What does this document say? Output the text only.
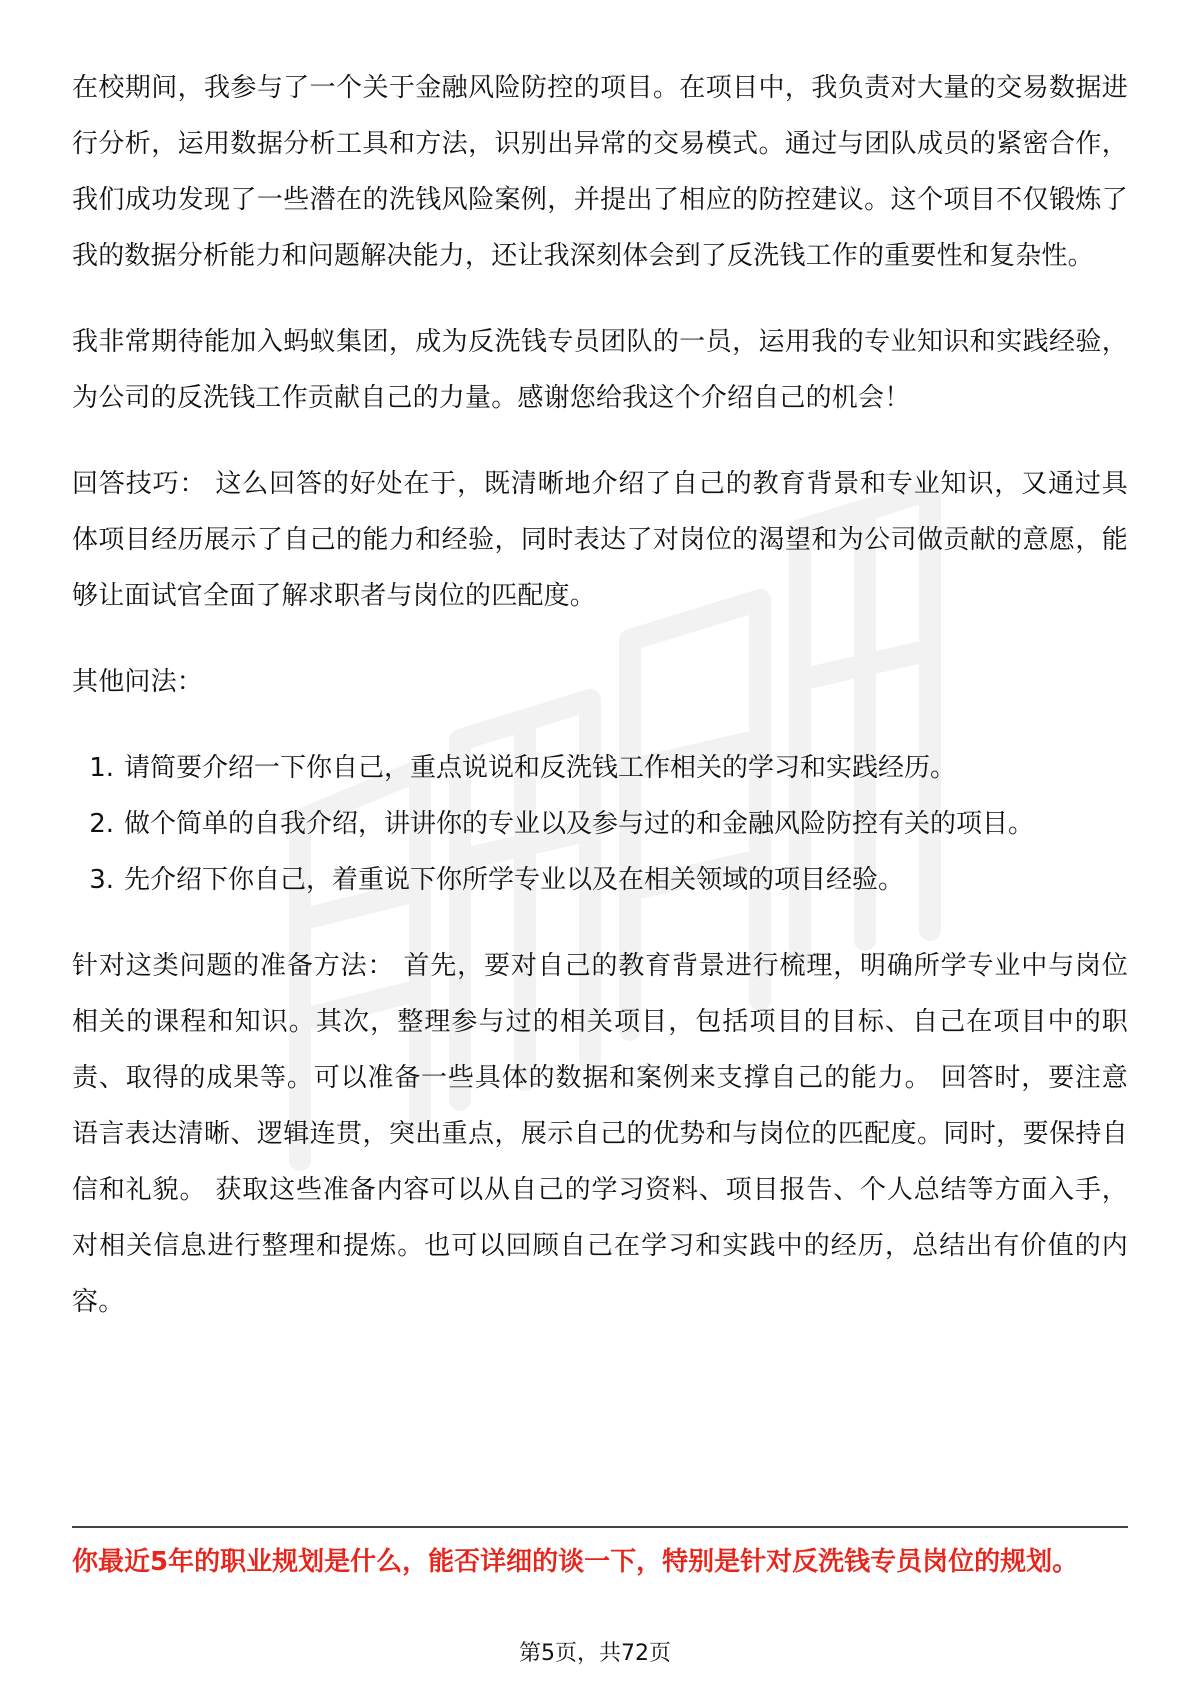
在校期间，我参与了一个关于金融风险防控的项目。在项目中，我负责对大量的交易数据进行分析，运用数据分析工具和方法，识别出异常的交易模式。通过与团队成员的紧密合作，我们成功发现了一些潜在的洗钱风险案例，并提出了相应的防控建议。这个项目不仅锻炼了我的数据分析能力和问题解决能力，还让我深刻体会到了反洗钱工作的重要性和复杂性。

我非常期待能加入蚂蚁集团，成为反洗钱专员团队的一员，运用我的专业知识和实践经验，为公司的反洗钱工作贡献自己的力量。感谢您给我这个介绍自己的机会！

回答技巧： 这么回答的好处在于，既清晰地介绍了自己的教育背景和专业知识，又通过具体项目经历展示了自己的能力和经验，同时表达了对岗位的渴望和为公司做贡献的意愿，能够让面试官全面了解求职者与岗位的匹配度。

其他问法：

1. 请简要介绍一下你自己，重点说说和反洗钱工作相关的学习和实践经历。
2. 做个简单的自我介绍，讲讲你的专业以及参与过的和金融风险防控有关的项目。
3. 先介绍下你自己，着重说下你所学专业以及在相关领域的项目经验。

针对这类问题的准备方法： 首先，要对自己的教育背景进行梳理，明确所学专业中与岗位相关的课程和知识。其次，整理参与过的相关项目，包括项目的目标、自己在项目中的职责、取得的成果等。可以准备一些具体的数据和案例来支撑自己的能力。 回答时，要注意语言表达清晰、逻辑连贯，突出重点，展示自己的优势和与岗位的匹配度。同时，要保持自信和礼貌。 获取这些准备内容可以从自己的学习资料、项目报告、个人总结等方面入手，对相关信息进行整理和提炼。也可以回顾自己在学习和实践中的经历，总结出有价值的内容。

你最近5年的职业规划是什么，能否详细的谈一下，特别是针对反洗钱专员岗位的规划。

第5页，共72页
